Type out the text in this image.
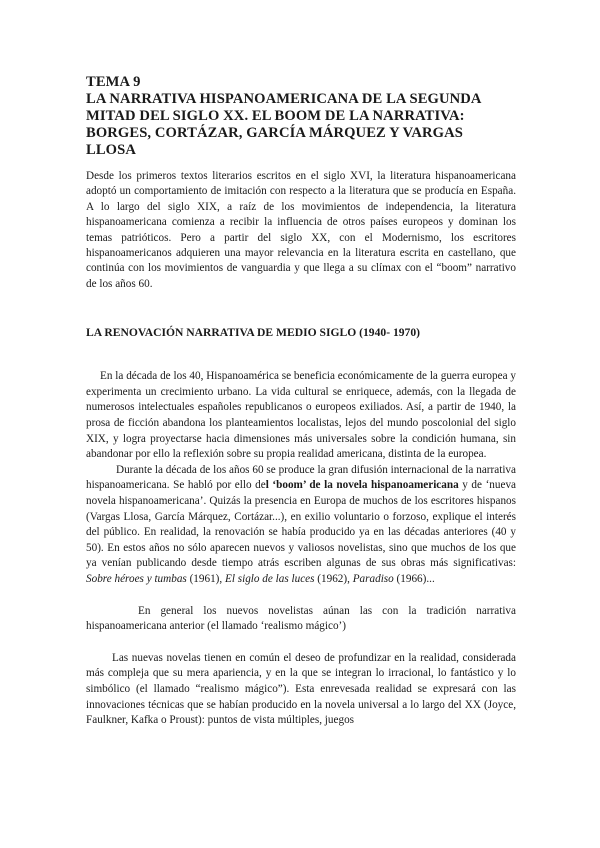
TEMA 9
LA NARRATIVA HISPANOAMERICANA DE LA SEGUNDA
MITAD DEL SIGLO XX. EL BOOM DE LA NARRATIVA:
BORGES, CORTÁZAR, GARCÍA MÁRQUEZ Y VARGAS LLOSA
Desde los primeros textos literarios escritos en el siglo XVI, la literatura hispanoamericana adoptó un comportamiento de imitación con respecto a la literatura que se producía en España. A lo largo del siglo XIX, a raíz de los movimientos de independencia, la literatura hispanoamericana comienza a recibir la influencia de otros países europeos y dominan los temas patrióticos. Pero a partir del siglo XX, con el Modernismo, los escritores hispanoamericanos adquieren una mayor relevancia en la literatura escrita en castellano, que continúa con los movimientos de vanguardia y que llega a su clímax con el “boom” narrativo de los años 60.
LA RENOVACIÓN NARRATIVA DE MEDIO SIGLO (1940- 1970)
En la década de los 40, Hispanoamérica se beneficia económicamente de la guerra europea y experimenta un crecimiento urbano. La vida cultural se enriquece, además, con la llegada de numerosos intelectuales españoles republicanos o europeos exiliados. Así, a partir de 1940, la prosa de ficción abandona los planteamientos localistas, lejos del mundo poscolonial del siglo XIX, y logra proyectarse hacia dimensiones más universales sobre la condición humana, sin abandonar por ello la reflexión sobre su propia realidad americana, distinta de la europea.
Durante la década de los años 60 se produce la gran difusión internacional de la narrativa hispanoamericana. Se habló por ello del ‘boom’ de la novela hispanoamericana y de ‘nueva novela hispanoamericana’. Quizás la presencia en Europa de muchos de los escritores hispanos (Vargas Llosa, García Márquez, Cortázar...), en exilio voluntario o forzoso, explique el interés del público. En realidad, la renovación se había producido ya en las décadas anteriores (40 y 50). En estos años no sólo aparecen nuevos y valiosos novelistas, sino que muchos de los que ya venían publicando desde tiempo atrás escriben algunas de sus obras más significativas: Sobre héroes y tumbas (1961), El siglo de las luces (1962), Paradiso (1966)...
En general los nuevos novelistas aúnan las con la tradición narrativa hispanoamericana anterior (el llamado ‘realismo mágico’)
Las nuevas novelas tienen en común el deseo de profundizar en la realidad, considerada más compleja que su mera apariencia, y en la que se integran lo irracional, lo fantástico y lo simbólico (el llamado “realismo mágico”). Esta enrevesada realidad se expresará con las innovaciones técnicas que se habían producido en la novela universal a lo largo del XX (Joyce, Faulkner, Kafka o Proust): puntos de vista múltiples, juegos
